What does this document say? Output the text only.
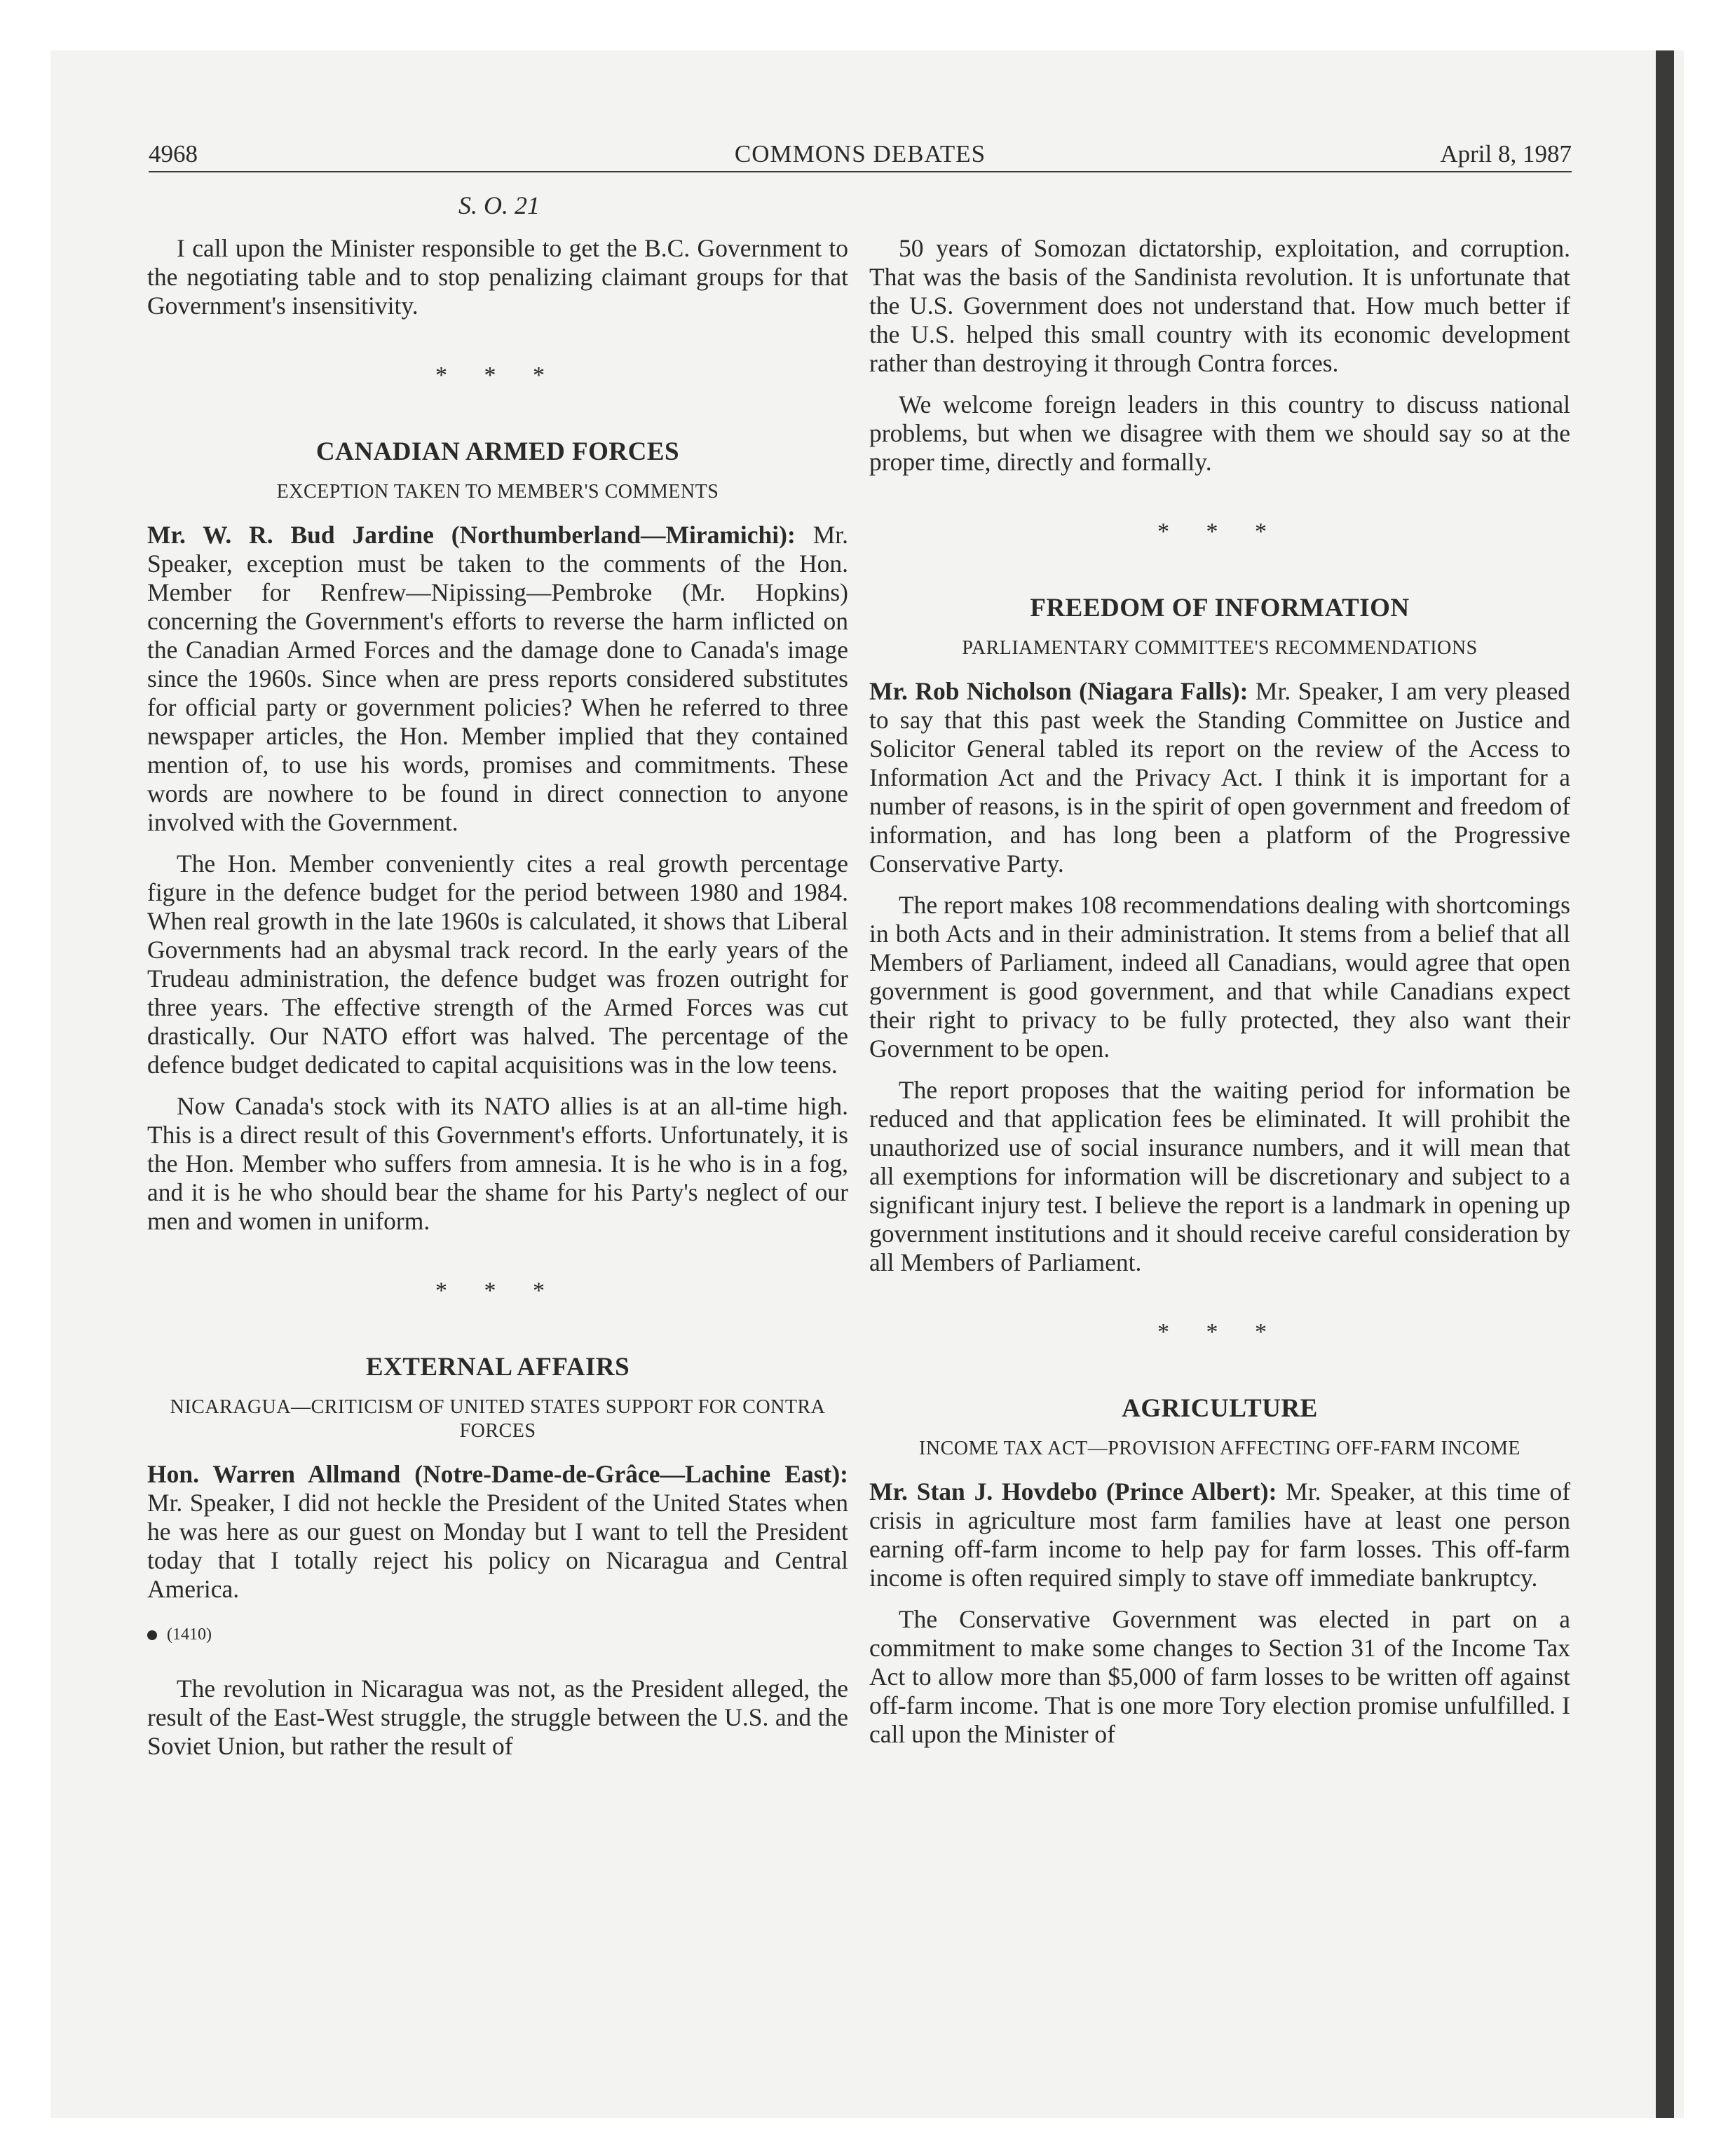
4968	COMMONS DEBATES	April 8, 1987
S. O. 21

I call upon the Minister responsible to get the B.C. Government to the negotiating table and to stop penalizing claimant groups for that Government's insensitivity.

* * *
CANADIAN ARMED FORCES
EXCEPTION TAKEN TO MEMBER'S COMMENTS

Mr. W. R. Bud Jardine (Northumberland—Miramichi): Mr. Speaker, exception must be taken to the comments of the Hon. Member for Renfrew—Nipissing—Pembroke (Mr. Hopkins) concerning the Government's efforts to reverse the harm inflicted on the Canadian Armed Forces and the damage done to Canada's image since the 1960s. Since when are press reports considered substitutes for official party or government policies? When he referred to three newspaper articles, the Hon. Member implied that they contained mention of, to use his words, promises and commitments. These words are nowhere to be found in direct connection to anyone involved with the Government.

The Hon. Member conveniently cites a real growth percentage figure in the defence budget for the period between 1980 and 1984. When real growth in the late 1960s is calculated, it shows that Liberal Governments had an abysmal track record. In the early years of the Trudeau administration, the defence budget was frozen outright for three years. The effective strength of the Armed Forces was cut drastically. Our NATO effort was halved. The percentage of the defence budget dedicated to capital acquisitions was in the low teens.

Now Canada's stock with its NATO allies is at an all-time high. This is a direct result of this Government's efforts. Unfortunately, it is the Hon. Member who suffers from amnesia. It is he who is in a fog, and it is he who should bear the shame for his Party's neglect of our men and women in uniform.

* * *
EXTERNAL AFFAIRS
NICARAGUA—CRITICISM OF UNITED STATES SUPPORT FOR CONTRA FORCES

Hon. Warren Allmand (Notre-Dame-de-Grâce—Lachine East): Mr. Speaker, I did not heckle the President of the United States when he was here as our guest on Monday but I want to tell the President today that I totally reject his policy on Nicaragua and Central America.

(1410)

The revolution in Nicaragua was not, as the President alleged, the result of the East-West struggle, the struggle between the U.S. and the Soviet Union, but rather the result of

50 years of Somozan dictatorship, exploitation, and corruption. That was the basis of the Sandinista revolution. It is unfortunate that the U.S. Government does not understand that. How much better if the U.S. helped this small country with its economic development rather than destroying it through Contra forces.

We welcome foreign leaders in this country to discuss national problems, but when we disagree with them we should say so at the proper time, directly and formally.

* * *
FREEDOM OF INFORMATION
PARLIAMENTARY COMMITTEE'S RECOMMENDATIONS

Mr. Rob Nicholson (Niagara Falls): Mr. Speaker, I am very pleased to say that this past week the Standing Committee on Justice and Solicitor General tabled its report on the review of the Access to Information Act and the Privacy Act. I think it is important for a number of reasons, is in the spirit of open government and freedom of information, and has long been a platform of the Progressive Conservative Party.

The report makes 108 recommendations dealing with shortcomings in both Acts and in their administration. It stems from a belief that all Members of Parliament, indeed all Canadians, would agree that open government is good government, and that while Canadians expect their right to privacy to be fully protected, they also want their Government to be open.

The report proposes that the waiting period for information be reduced and that application fees be eliminated. It will prohibit the unauthorized use of social insurance numbers, and it will mean that all exemptions for information will be discretionary and subject to a significant injury test. I believe the report is a landmark in opening up government institutions and it should receive careful consideration by all Members of Parliament.

* * *
AGRICULTURE
INCOME TAX ACT—PROVISION AFFECTING OFF-FARM INCOME

Mr. Stan J. Hovdebo (Prince Albert): Mr. Speaker, at this time of crisis in agriculture most farm families have at least one person earning off-farm income to help pay for farm losses. This off-farm income is often required simply to stave off immediate bankruptcy.

The Conservative Government was elected in part on a commitment to make some changes to Section 31 of the Income Tax Act to allow more than $5,000 of farm losses to be written off against off-farm income. That is one more Tory election promise unfulfilled. I call upon the Minister of
